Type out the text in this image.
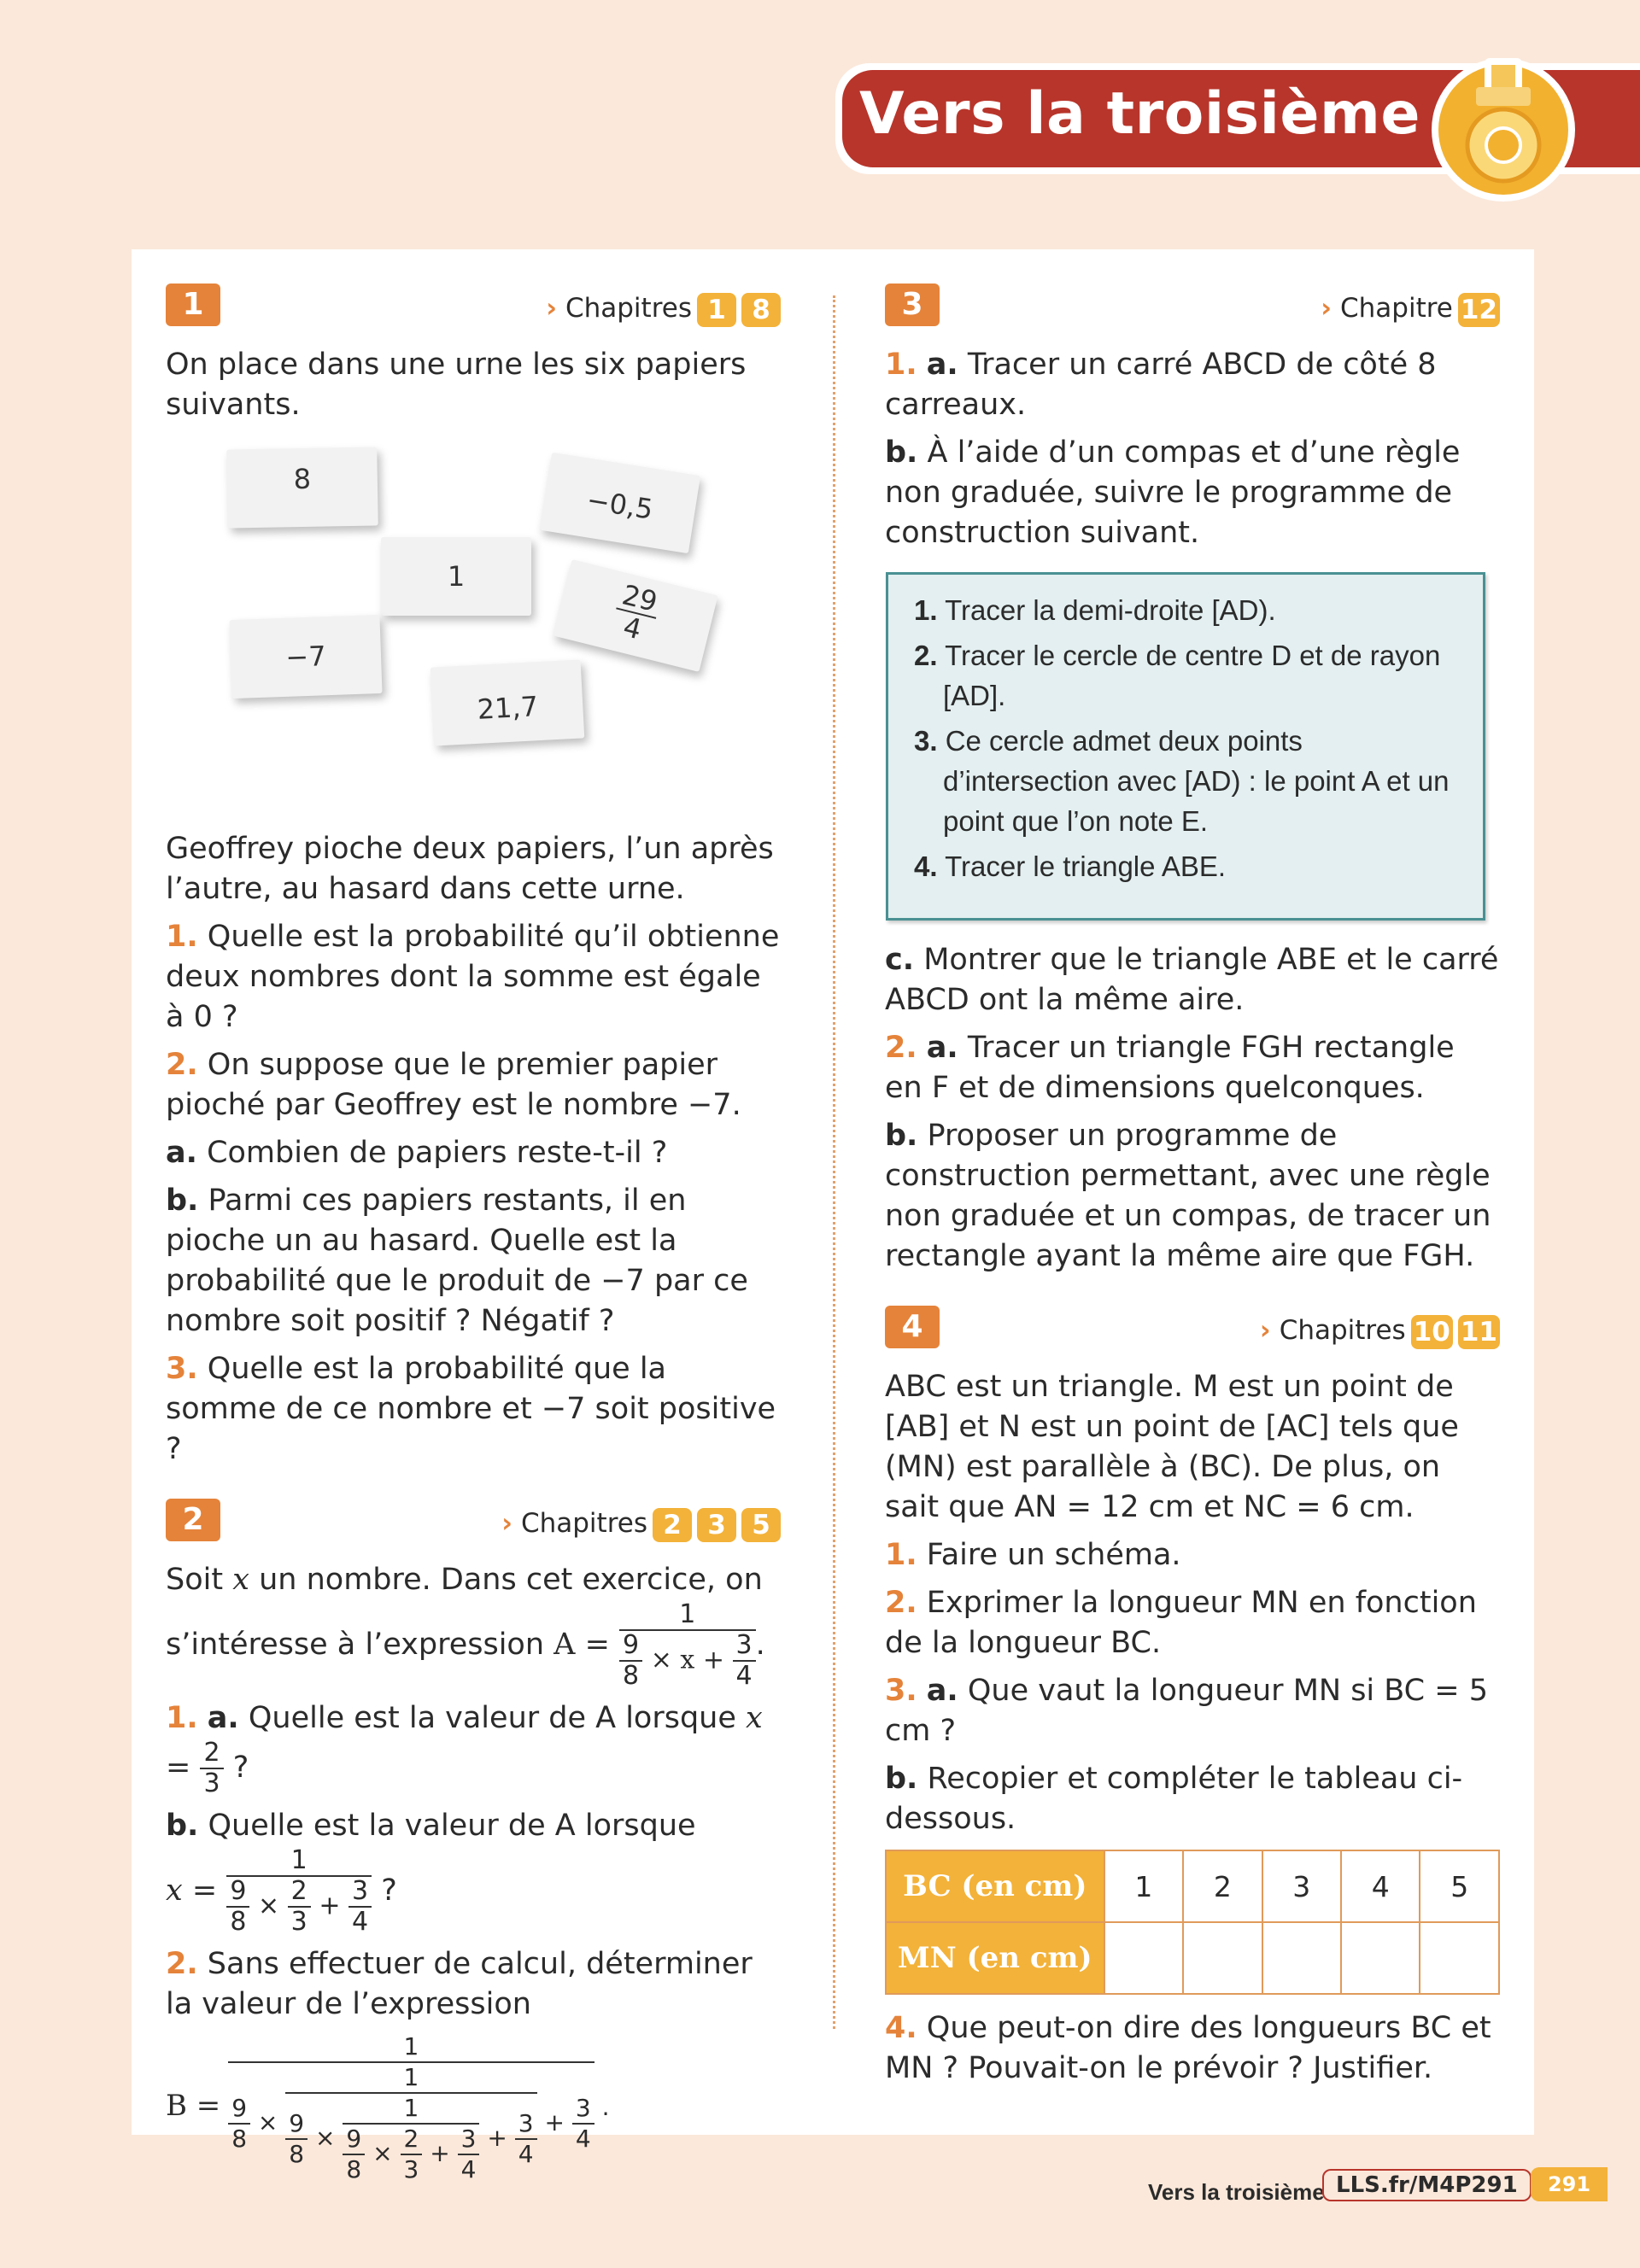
Vers la troisième
1	› Chapitres 1 8

On place dans une urne les six papiers suivants.

8
−0,5
1
29
4
−7
21,7

Geoffrey pioche deux papiers, l’un après l’autre, au hasard dans cette urne.

1. Quelle est la probabilité qu’il obtienne deux nombres dont la somme est égale à 0 ?

2. On suppose que le premier papier pioché par Geoffrey est le nombre −7.

a. Combien de papiers reste-t-il ?

b. Parmi ces papiers restants, il en pioche un au hasard. Quelle est la probabilité que le produit de −7 par ce nombre soit positif ? Négatif ?

3. Quelle est la probabilité que la somme de ce nombre et −7 soit positive ?

2	› Chapitres 2 3 5

Soit x un nombre. Dans cet exercice, on s’intéresse à l’expression $A = \frac{1}{\frac{9}{8} \times x + \frac{3}{4}}$ .

1. a. Quelle est la valeur de A lorsque $x = \frac{2}{3}$ ?

b. Quelle est la valeur de A lorsque
$x = \frac{1}{\frac{9}{8} \times \frac{2}{3} + \frac{3}{4}}$ ?

2. Sans effectuer de calcul, déterminer la valeur de l’expression

B =
1
$\frac{9}{8}$ ×
1
$\frac{9}{8} \times \frac{1}{\frac{9}{8} \times \frac{2}{3} + \frac{3}{4}} + \frac{3}{4} + \frac{3}{4}$ .
3	› Chapitre 12

1. a. Tracer un carré ABCD de côté 8 carreaux.

b. À l’aide d’un compas et d’une règle non graduée, suivre le programme de construction suivant.

c. Montrer que le triangle ABE et le carré ABCD ont la même aire.

2. a. Tracer un triangle FGH rectangle en F et de dimensions quelconques.

b. Proposer un programme de construction permettant, avec une règle non graduée et un compas, de tracer un rectangle ayant la même aire que FGH.

4	› Chapitres 10 11

ABC est un triangle. M est un point de [AB] et N est un point de [AC] tels que (MN) est parallèle à (BC). De plus, on sait que AN = 12 cm et NC = 6 cm.

1. Faire un schéma.

2. Exprimer la longueur MN en fonction de la longueur BC.

3. a. Que vaut la longueur MN si BC = 5 cm ?

b. Recopier et compléter le tableau ci-dessous.

BC (en cm)	1	2	3	4	5
MN (en cm)					

4. Que peut-on dire des longueurs BC et MN ? Pouvait-on le prévoir ? Justifier.

1. Tracer la demi-droite [AD).

2. Tracer le cercle de centre D et de rayon [AD].

3. Ce cercle admet deux points d’intersection avec [AD) : le point A et un point que l’on note E.

4. Tracer le triangle ABE.

Vers la troisième LLS.fr/M4P291	291
